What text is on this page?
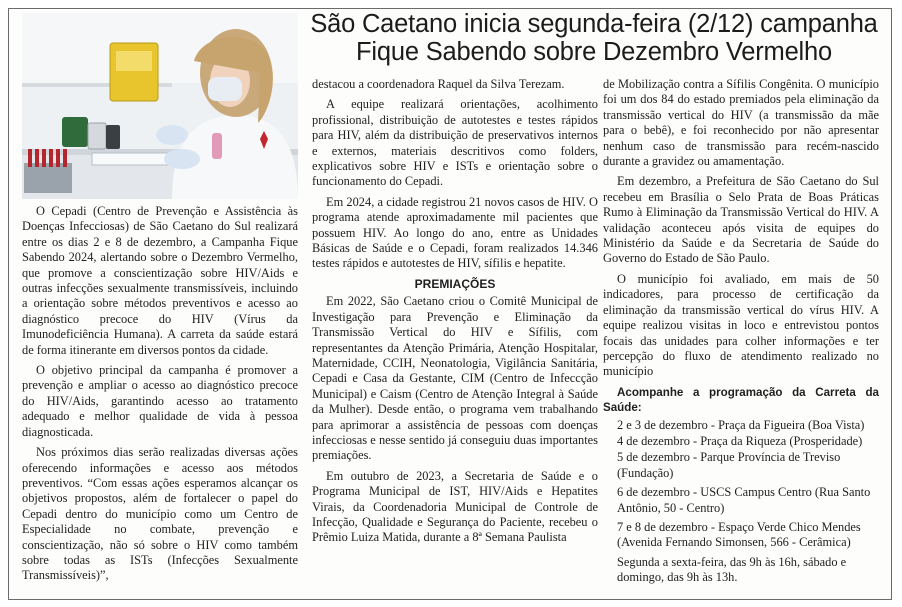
São Caetano inicia segunda-feira (2/12) campanha Fique Sabendo sobre Dezembro Vermelho

O Cepadi (Centro de Prevenção e Assistência às Doenças Infecciosas) de São Caetano do Sul realizará entre os dias 2 e 8 de dezembro, a Campanha Fique Sabendo 2024, alertando sobre o Dezembro Vermelho, que promove a conscientização sobre HIV/Aids e outras infecções sexualmente transmissíveis, incluindo a orientação sobre métodos preventivos e acesso ao diagnóstico precoce do HIV (Vírus da Imunodeficiência Humana). A carreta da saúde estará de forma itinerante em diversos pontos da cidade.

O objetivo principal da campanha é promover a prevenção e ampliar o acesso ao diagnóstico precoce do HIV/Aids, garantindo acesso ao tratamento adequado e melhor qualidade de vida à pessoa diagnosticada.

Nos próximos dias serão realizadas diversas ações oferecendo informações e acesso aos métodos preventivos. “Com essas ações esperamos alcançar os objetivos propostos, além de fortalecer o papel do Cepadi dentro do município como um Centro de Especialidade no combate, prevenção e conscientização, não só sobre o HIV como também sobre todas as ISTs (Infecções Sexualmente Transmissíveis)”,

destacou a coordenadora Raquel da Silva Terezam.

A equipe realizará orientações, acolhimento profissional, distribuição de autotestes e testes rápidos para HIV, além da distribuição de preservativos internos e externos, materiais descritivos como folders, explicativos sobre HIV e ISTs e orientação sobre o funcionamento do Cepadi.

Em 2024, a cidade registrou 21 novos casos de HIV. O programa atende aproximadamente mil pacientes que possuem HIV. Ao longo do ano, entre as Unidades Básicas de Saúde e o Cepadi, foram realizados 14.346 testes rápidos e autotestes de HIV, sífilis e hepatite.

PREMIAÇÕES

Em 2022, São Caetano criou o Comitê Municipal de Investigação para Prevenção e Eliminação da Transmissão Vertical do HIV e Sífilis, com representantes da Atenção Primária, Atenção Hospitalar, Maternidade, CCIH, Neonatologia, Vigilância Sanitária, Cepadi e Casa da Gestante, CIM (Centro de Infeccção Municipal) e Caism (Centro de Atenção Integral à Saúde da Mulher). Desde então, o programa vem trabalhando para aprimorar a assistência de pessoas com doenças infecciosas e nesse sentido já conseguiu duas importantes premiações.

Em outubro de 2023, a Secretaria de Saúde e o Programa Municipal de IST, HIV/Aids e Hepatites Virais, da Coordenadoria Municipal de Controle de Infecção, Qualidade e Segurança do Paciente, recebeu o Prêmio Luiza Matida, durante a 8ª Semana Paulista

de Mobilização contra a Sífilis Congênita. O município foi um dos 84 do estado premiados pela eliminação da transmissão vertical do HIV (a transmissão da mãe para o bebê), e foi reconhecido por não apresentar nenhum caso de transmissão para recém-nascido durante a gravidez ou amamentação.

Em dezembro, a Prefeitura de São Caetano do Sul recebeu em Brasília o Selo Prata de Boas Práticas Rumo à Eliminação da Transmissão Vertical do HIV. A validação aconteceu após visita de equipes do Ministério da Saúde e da Secretaria de Saúde do Governo do Estado de São Paulo.

O município foi avaliado, em mais de 50 indicadores, para processo de certificação da eliminação da transmissão vertical do vírus HIV. A equipe realizou visitas in loco e entrevistou pontos focais das unidades para colher informações e ter percepção do fluxo de atendimento realizado no município

Acompanhe a programação da Carreta da Saúde:

2 e 3 de dezembro - Praça da Figueira (Boa Vista)

4 de dezembro - Praça da Riqueza (Prosperidade)

5 de dezembro - Parque Província de Treviso (Fundação)

6 de dezembro - USCS Campus Centro (Rua Santo Antônio, 50 - Centro)

7 e 8 de dezembro - Espaço Verde Chico Mendes (Avenida Fernando Simonsen, 566 - Cerâmica)

Segunda a sexta-feira, das 9h às 16h, sábado e domingo, das 9h às 13h.
